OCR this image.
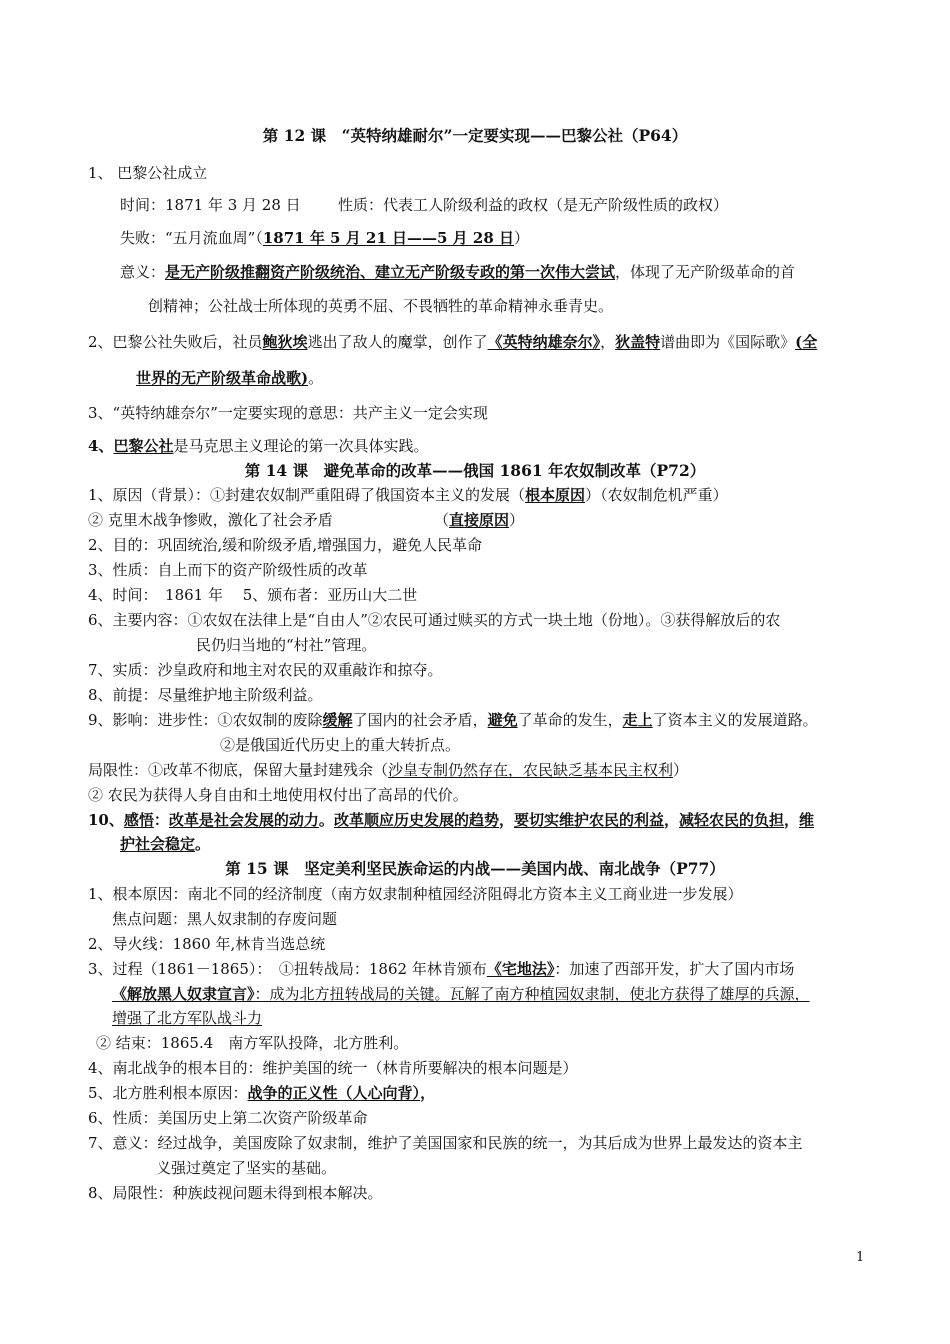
第 12 课　“英特纳雄耐尔”一定要实现——巴黎公社（P64）
1、 巴黎公社成立
时间：1871 年 3 月 28 日 性质：代表工人阶级利益的政权（是无产阶级性质的政权）
失败：“五月流血周”（1871 年 5 月 21 日——5 月 28 日）
意义：是无产阶级推翻资产阶级统治、建立无产阶级专政的第一次伟大尝试，体现了无产阶级革命的首
创精神；公社战士所体现的英勇不屈、不畏牺牲的革命精神永垂青史。
2、巴黎公社失败后，社员鲍狄埃逃出了敌人的魔掌，创作了《英特纳雄奈尔》，狄盖特谱曲即为《国际歌》(全
世界的无产阶级革命战歌)。
3、“英特纳雄奈尔”一定要实现的意思：共产主义一定会实现
4、巴黎公社是马克思主义理论的第一次具体实践。
第 14 课　避免革命的改革——俄国 1861 年农奴制改革（P72）
1、原因（背景）：①封建农奴制严重阻碍了俄国资本主义的发展（根本原因）（农奴制危机严重）
② 克里木战争惨败，激化了社会矛盾	（直接原因）
2、目的：巩固统治,缓和阶级矛盾,增强国力，避免人民革命
3、性质：自上而下的资产阶级性质的改革
4、时间：　1861 年　 5、颁布者：亚历山大二世
6、主要内容：①农奴在法律上是“自由人”②农民可通过赎买的方式一块土地（份地）。③获得解放后的农
民仍归当地的“村社”管理。
7、实质：沙皇政府和地主对农民的双重敲诈和掠夺。
8、前提：尽量维护地主阶级利益。
9、影响：进步性：①农奴制的废除缓解了国内的社会矛盾，避免了革命的发生，走上了资本主义的发展道路。
②是俄国近代历史上的重大转折点。
局限性：①改革不彻底，保留大量封建残余（沙皇专制仍然存在，农民缺乏基本民主权利）
② 农民为获得人身自由和土地使用权付出了高昂的代价。
10、感悟：改革是社会发展的动力。改革顺应历史发展的趋势，要切实维护农民的利益，减轻农民的负担，维
护社会稳定。
第 15 课　坚定美利坚民族命运的内战——美国内战、南北战争（P77）
1、根本原因：南北不同的经济制度（南方奴隶制种植园经济阻碍北方资本主义工商业进一步发展）
焦点问题：黑人奴隶制的存废问题
2、导火线：1860 年,林肯当选总统
3、过程（1861－1865）：　①扭转战局：1862 年林肯颁布《宅地法》：加速了西部开发，扩大了国内市场
《解放黑人奴隶宣言》：成为北方扭转战局的关键。瓦解了南方种植园奴隶制，使北方获得了雄厚的兵源，
增强了北方军队战斗力
② 结束：1865.4　南方军队投降，北方胜利。
4、南北战争的根本目的：维护美国的统一（林肯所要解决的根本问题是）
5、北方胜利根本原因：战争的正义性（人心向背），
6、性质：美国历史上第二次资产阶级革命
7、意义：经过战争，美国废除了奴隶制，维护了美国国家和民族的统一，为其后成为世界上最发达的资本主
义强过奠定了坚实的基础。
8、局限性：种族歧视问题未得到根本解决。
1
